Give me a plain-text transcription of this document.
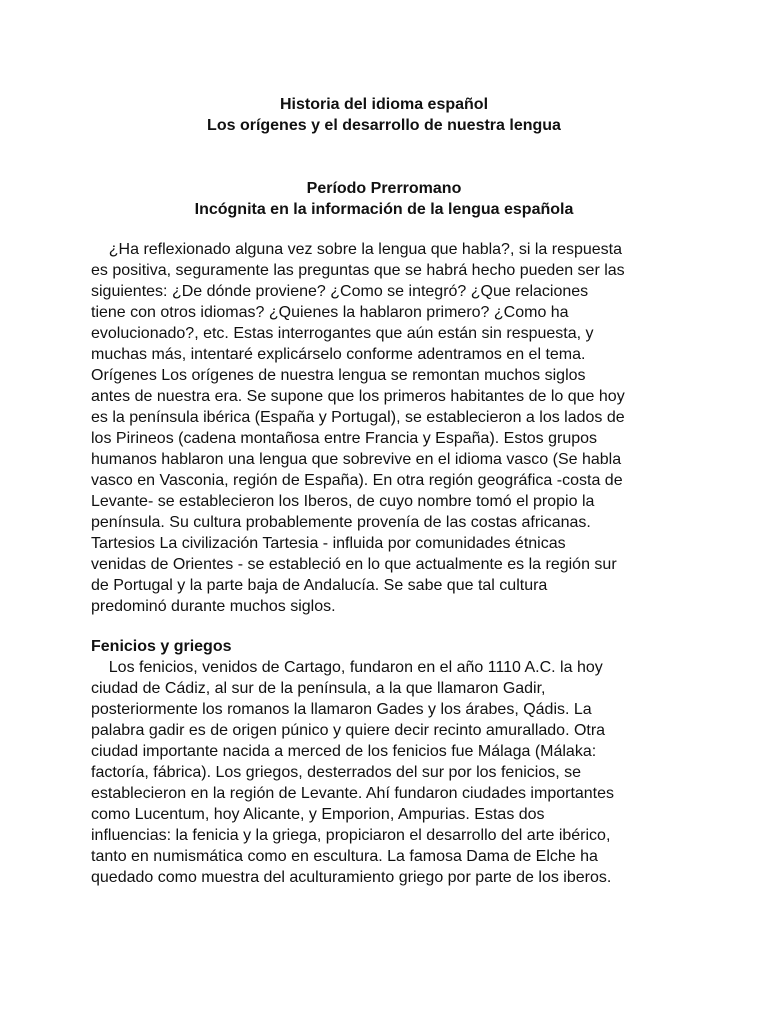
Historia del idioma español
Los orígenes y el desarrollo de nuestra lengua
Período Prerromano
Incógnita en la información de la lengua española
¿Ha reflexionado alguna vez sobre la lengua que habla?, si la respuesta
es positiva, seguramente las preguntas que se habrá hecho pueden ser las
siguientes: ¿De dónde proviene? ¿Como se integró? ¿Que relaciones
tiene con otros idiomas? ¿Quienes la hablaron primero? ¿Como ha
evolucionado?, etc. Estas interrogantes que aún están sin respuesta, y
muchas más, intentaré explicárselo conforme adentramos en el tema.
Orígenes Los orígenes de nuestra lengua se remontan muchos siglos
antes de nuestra era. Se supone que los primeros habitantes de lo que hoy
es la península ibérica (España y Portugal), se establecieron a los lados de
los Pirineos (cadena montañosa entre Francia y España). Estos grupos
humanos hablaron una lengua que sobrevive en el idioma vasco (Se habla
vasco en Vasconia, región de España). En otra región geográfica -costa de
Levante- se establecieron los Iberos, de cuyo nombre tomó el propio la
península. Su cultura probablemente provenía de las costas africanas.
Tartesios La civilización Tartesia - influida por comunidades étnicas
venidas de Orientes - se estableció en lo que actualmente es la región sur
de Portugal y la parte baja de Andalucía. Se sabe que tal cultura
predominó durante muchos siglos.
Fenicios y griegos
Los fenicios, venidos de Cartago, fundaron en el año 1110 A.C. la hoy
ciudad de Cádiz, al sur de la península, a la que llamaron Gadir,
posteriormente los romanos la llamaron Gades y los árabes, Qádis. La
palabra gadir es de origen púnico y quiere decir recinto amurallado. Otra
ciudad importante nacida a merced de los fenicios fue Málaga (Málaka:
factoría, fábrica). Los griegos, desterrados del sur por los fenicios, se
establecieron en la región de Levante. Ahí fundaron ciudades importantes
como Lucentum, hoy Alicante, y Emporion, Ampurias. Estas dos
influencias: la fenicia y la griega, propiciaron el desarrollo del arte ibérico,
tanto en numismática como en escultura. La famosa Dama de Elche ha
quedado como muestra del aculturamiento griego por parte de los iberos.
